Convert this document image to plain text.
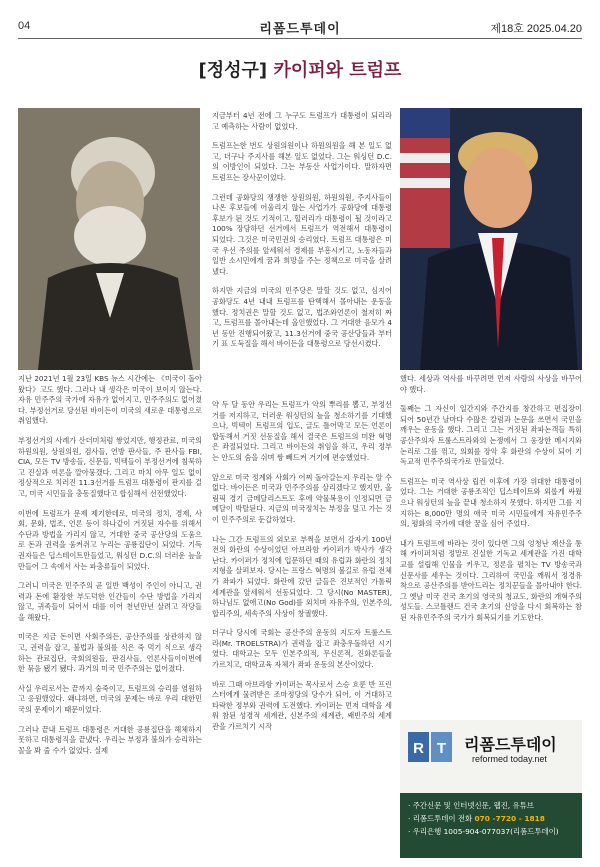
04	리폼드투데이	제18호 2025.04.20
[정성구] 카이퍼와 트럼프

지금부터 4년 전에 그 누구도 트럼프가 대통령이 되리라고 예측하는 사람이 없었다.

트럼프는한 번도 상원의원이나 하원의원을 해 본 일도 없고, 더구나 주지사를 해본 일도 없었다. 그는 워싱턴 D.C.의 이방인이 되었다. 그는 부동산 사업가이다. 말하자면 트럼프는 장사꾼이었다.

그런데 공화당의 쟁쟁한 상원의원, 하원의원, 주지사들이 나온 후보들에 어울리지 않는 사업가가 공화당에 대통령 후보가 된 것도 기적이고, 힐러리가 대통령이 될 것이라고 100% 장담하던 선거에서 트럼프가 역전해서 대통령이 되었다. 그것은 미국민권의 승리였다. 트럼프 대통령은 미국 우선 주의를 앞세워서 경제를 부흥시키고, 노동자들과 일반 소시민에게 꿈과 희망을 주는 정책으로 미국을 살려냈다.

하지만 지금의 미국의 민주당은 말할 것도 없고, 심지어 공화당도 4년 내내 트럼프를 탄핵해서 몰아내는 운동을 했다. 정치권은 말할 것도 없고, 법조와언론이 철저히 짜고, 트럼프를 몰아내는데 올인했었다. 그 거대한 음모가 4년 동안 진행되어왔고, 11.3선거에 중국 공산당들과 부터기 표 도둑질을 해서 바이든을 대통령으로 당선시켰다.

지난 2021년 1월 23일 KBS 뉴스 시간에는 《미국이 돌아왔다》고도 했다. 그러나 내 생각은 미국이 보이지 않는다. 자유 민주주의 국가에 자유가 없어지고, 민주주의도 없어졌다. 부정선거로 당선된 바이든이 미국의 새로운 대통령으로 취임했다.

부정선거의 사례가 산더미처럼 쌓었지만, 행정관료, 미국의 하원의원, 상원의원, 검사들, 연방 판사들, 주 판사들 FBI, CIA, 모든 TV 방송들, 신문들, 빅텍들이 부정선거에 침묵하고 진실과 여론을 깔아뭉갰다. 그리고 마치 아무 일도 없이 정상적으로 치러진 11.3선거를 트럼프 대통령이 판지를 걸고, 미국 시민들을 충동질했다고 합심해서 선전했었다.

이번에 트럼프가 문제 제기한데로, 미국의 정치, 경제, 사회, 문화, 법조, 언론 등이 하나같이 거짓된 자수를 위해서 수단과 방법을 가리지 않고, 거대한 중국 공산당의 도움으로 돈과 권력을 움켜쥐고 누리는 공룡집단이 되었다. 기득권자들은 딥스테이트만들었고, 워싱턴 D.C.의 더러운 늪을 만들어 그 속에서 사는 파충류들이 되었다.

그러니 미국은 민주주의 곧 일반 백성이 주인이 아니고, 권력과 돈에 환장한 부도덕한 인간들이 수단 방법을 가리지 않고, 귀족들이 되어서 대를 이어 천년만년 살려고 작당들을 해왔다.

미국은 지금 돈이면 사회주의든, 공산주의를 상관하지 않고, 권력을 잡고, 불법과 불의를 식은 죽 먹기 식으로 생각하는 관료집단, 국회의원들, 판검사들, 언론사들이이번에 한 묶음 됐기 됐다. 과거의 미국 민주주의는 없어졌다.

사실 우리로서는 끝까지 숨죽이고, 트럼프의 승리를 염원하고 응원했었다. 왜냐하면, 미국의 문제는 바로 우리 대한민국의 문제이기 때문이었다.

그러나 끝내 트럼프 대통령은 거대한 공룡집단을 해체하지 못하고 대통령직을 끝냈다. 우리는 부정과 불의가 승리하는 꼴을 봐 줄 수가 없었다. 실제

약 두 달 동안 우리는 트럼프가 악의 뿌리를 뽑고, 부정선거를 저지하고, 더러운 워싱턴의 늪을 청소하기를 기대했으나, 빅텍이 트럼프의 입도, 글도 틀어막고 모든 언론이 합동해서 거짓 선동질을 해서 결국은 트럼프의 미완 혁명은 좌절되었다. 그리고 바이든의 취임을 하고, 우리 정부는 안도의 숨을 쉬며 쌍 빼드켜 거기에 편승했었다.

앞으로 미국 정계와 사회가 어찌 돌아갈는지 우리는 알 수 없다. 바이든은 미국과 민주주의를 살리겠다고 했지만, 올림픽 경기 금메달리스트도 후에 약물복용이 인정되면 금메달이 박탈된다. 지금의 미국정치는 부정을 덮고 가는 것이 민주주의로 둔갑하였다.

나는 그간 트럼프의 외모로 부쩍을 보면서 감자기 100년 전의 화란의 수상이었던 아브라함 카이퍼가 박사가 생각난다. 카이퍼가 정치에 입문하던 때의 유럽과 화란의 정치지형을 살펴보자. 당시는 프랑스 혁명의 불길로 유럽 전체가 좌파가 되었다. 화란에 갔던 글들은 진보적인 가톨릭 세계관을 앞세워서 선동되었다. 그 당시(No MASTER), 하나님도 없애고(No God)를 외치며 자유주의, 인본주의, 합리주의, 세속주의 사상이 창궐했다.

더구나 당시에 국회는 공산주의 운동의 지도자 트룰스트라(Mr. TROELSTRA)가 권력을 잡고 좌충우돌하던 시기였다. 대학교는 모두 인본주의적, 무신론적, 진화론들을 가르치고, 대학교육 자체가 좌파 운동의 본산이었다.

바로 그때 아브라함 카이퍼는 목사로서 스승 흐룬 반 프린스터에게 물려받은 조마정당의 당수가 되어, 이 거대하고 타락한 정부와 권력에 도전했다. 카이퍼는 먼저 대학을 세워 참된 성경적 세계관, 신본주의 세계관, 쌔빈주의 세계관을 가르치기 시작

했다. 세상과 역사를 바꾸려면 먼저 사람의 사상을 바꾸어야 했다.

둘째는 그 자신이 일간지와 주간지를 창간하고 편집장이 되어 50년간 날마다 수많은 칼럼과 논문을 쓰면서 국민을 깨우는 운동을 했다. 그리고 그는 거짓된 좌파논객들 특히 공산주의자 트룰스트라와의 논쟁에서 그 웅장한 메시지와 논리로 그를 꺾고, 의회를 장악 후 화란의 수상이 되어 기독교적 민주주의국가로 만들었다.

트럼프는 미국 역사상 립컨 이후에 가장 위대한 대통령이었다. 그는 거대한 공룡조직인 딥스테이트와 외롭게 싸웠으나 워싱턴의 늪을 끝내 청소하지 못했다. 하지만 그를 지지하는 8,000만 명의 애국 미국 시민들에게 자유민주주의, 평화의 국가에 대한 꿈을 심어 주었다.

내가 트럼프에 바라는 것이 있다면 그의 엉청난 재산을 통해 카이퍼처럼 정말로 진실한 기독교 세계관을 가진 대학교를 설립해 인물을 키우고, 정론을 펼치는 TV 방송국과 신문사를 세우는 것이다. 그리하여 국민을 깨워서 정경유착으로 공산주의를 받아드리는 정치꾼들을 몰아내야 한다. 그 옛날 미국 건국 초기의 영국의 청교도, 화란의 개혁주의 성도들. 스코틀랜드 건국 초기의 신앙을 다시 회복하는 참된 자유민주주의 국가가 회복되기를 기도한다.

R T 리폼드투데이
reformed today.net
· 주간신문 및 인터넷신문, 웹진, 유튜브
· 리폼드투데이 전화 070 -7720 - 1818
· 우리은행 1005-904-077037(리폼드투데이)
